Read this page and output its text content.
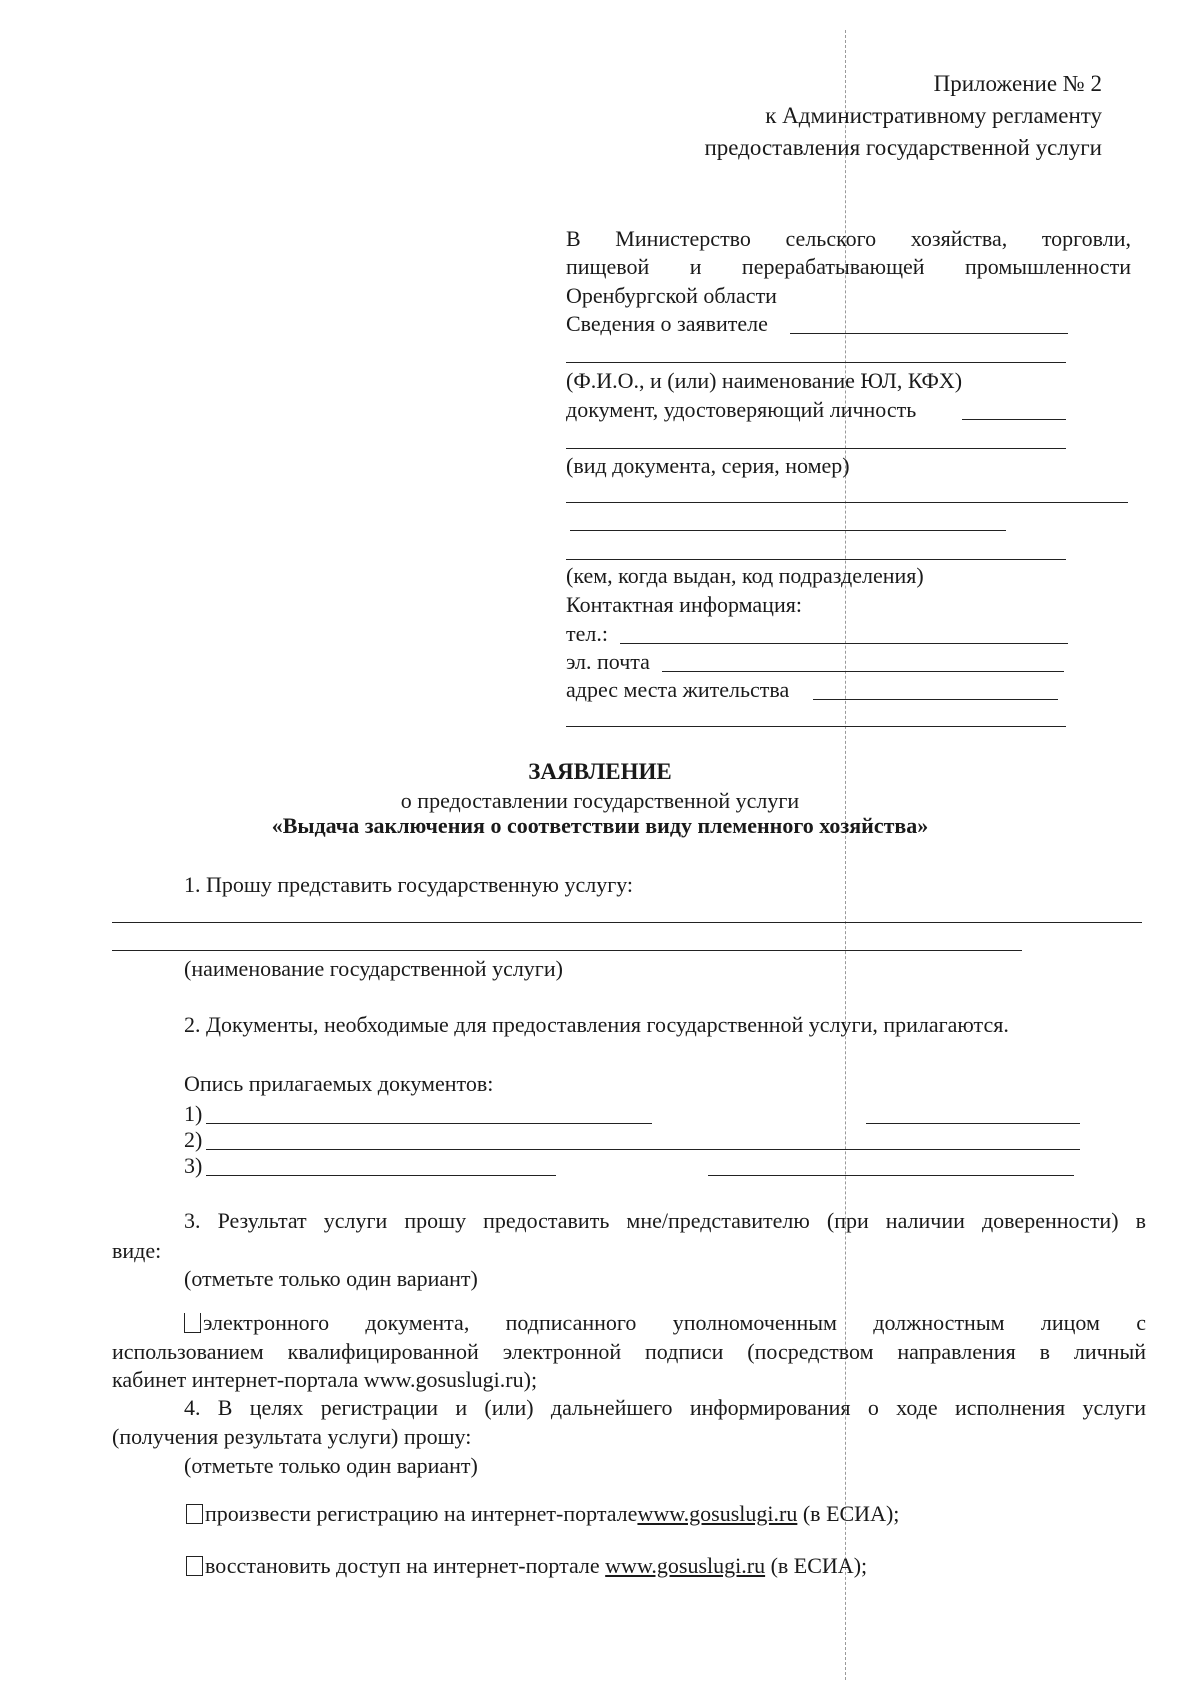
Приложение № 2
к Административному регламенту
предоставления государственной услуги
В Министерство сельского хозяйства, торговли,
пищевой и перерабатывающей промышленности
Оренбургской области
Сведения о заявителе
(Ф.И.О., и (или) наименование ЮЛ, КФХ)
документ, удостоверяющий личность
(вид документа, серия, номер)
(кем, когда выдан, код подразделения)
Контактная информация:
тел.:
эл. почта
адрес места жительства
ЗАЯВЛЕНИЕ
о предоставлении государственной услуги
«Выдача заключения о соответствии виду племенного хозяйства»
1. Прошу представить государственную услугу:
(наименование государственной услуги)
2. Документы, необходимые для предоставления государственной услуги, прилагаются.
Опись прилагаемых документов:
1)
2)
3)
3. Результат услуги прошу предоставить мне/представителю (при наличии доверенности) в
виде:
(отметьте только один вариант)
электронного документа, подписанного уполномоченным должностным лицом с
использованием квалифицированной электронной подписи (посредством направления в личный
кабинет интернет-портала www.gosuslugi.ru);
4. В целях регистрации и (или) дальнейшего информирования о ходе исполнения услуги
(получения результата услуги) прошу:
(отметьте только один вариант)
произвести регистрацию на интернет-порталеwww.gosuslugi.ru (в ЕСИА);
восстановить доступ на интернет-портале www.gosuslugi.ru (в ЕСИА);
